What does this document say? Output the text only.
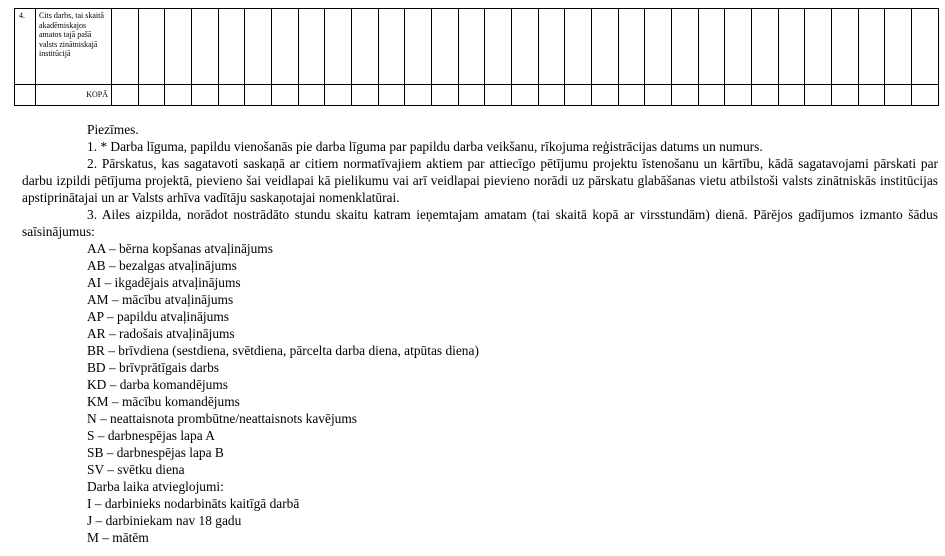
4.	Cits darbs, tai skaitā akadēmiskajos amatos tajā pašā valsts zinātniskajā institūcijā																															
	KOPĀ																															

Piezīmes.

1. * Darba līguma, papildu vienošanās pie darba līguma par papildu darba veikšanu, rīkojuma reģistrācijas datums un numurs.

2. Pārskatus, kas sagatavoti saskaņā ar citiem normatīvajiem aktiem par attiecīgo pētījumu projektu īstenošanu un kārtību, kādā sagatavojami pārskati par darbu izpildi pētījuma projektā, pievieno šai veidlapai kā pielikumu vai arī veidlapai pievieno norādi uz pārskatu glabāšanas vietu atbilstoši valsts zinātniskās institūcijas apstiprinātajai un ar Valsts arhīva vadītāju saskaņotajai nomenklatūrai.

3. Ailes aizpilda, norādot nostrādāto stundu skaitu katram ieņemtajam amatam (tai skaitā kopā ar virsstundām) dienā. Pārējos gadījumos izmanto šādus saīsinājumus:

AA – bērna kopšanas atvaļinājums

AB – bezalgas atvaļinājums

AI – ikgadējais atvaļinājums

AM – mācību atvaļinājums

AP – papildu atvaļinājums

AR – radošais atvaļinājums

BR – brīvdiena (sestdiena, svētdiena, pārcelta darba diena, atpūtas diena)

BD – brīvprātīgais darbs

KD – darba komandējums

KM – mācību komandējums

N – neattaisnota prombūtne/neattaisnots kavējums

S – darbnespējas lapa A

SB – darbnespējas lapa B

SV – svētku diena

Darba laika atvieglojumi:

I – darbinieks nodarbināts kaitīgā darbā

J – darbiniekam nav 18 gadu

M – mātēm
